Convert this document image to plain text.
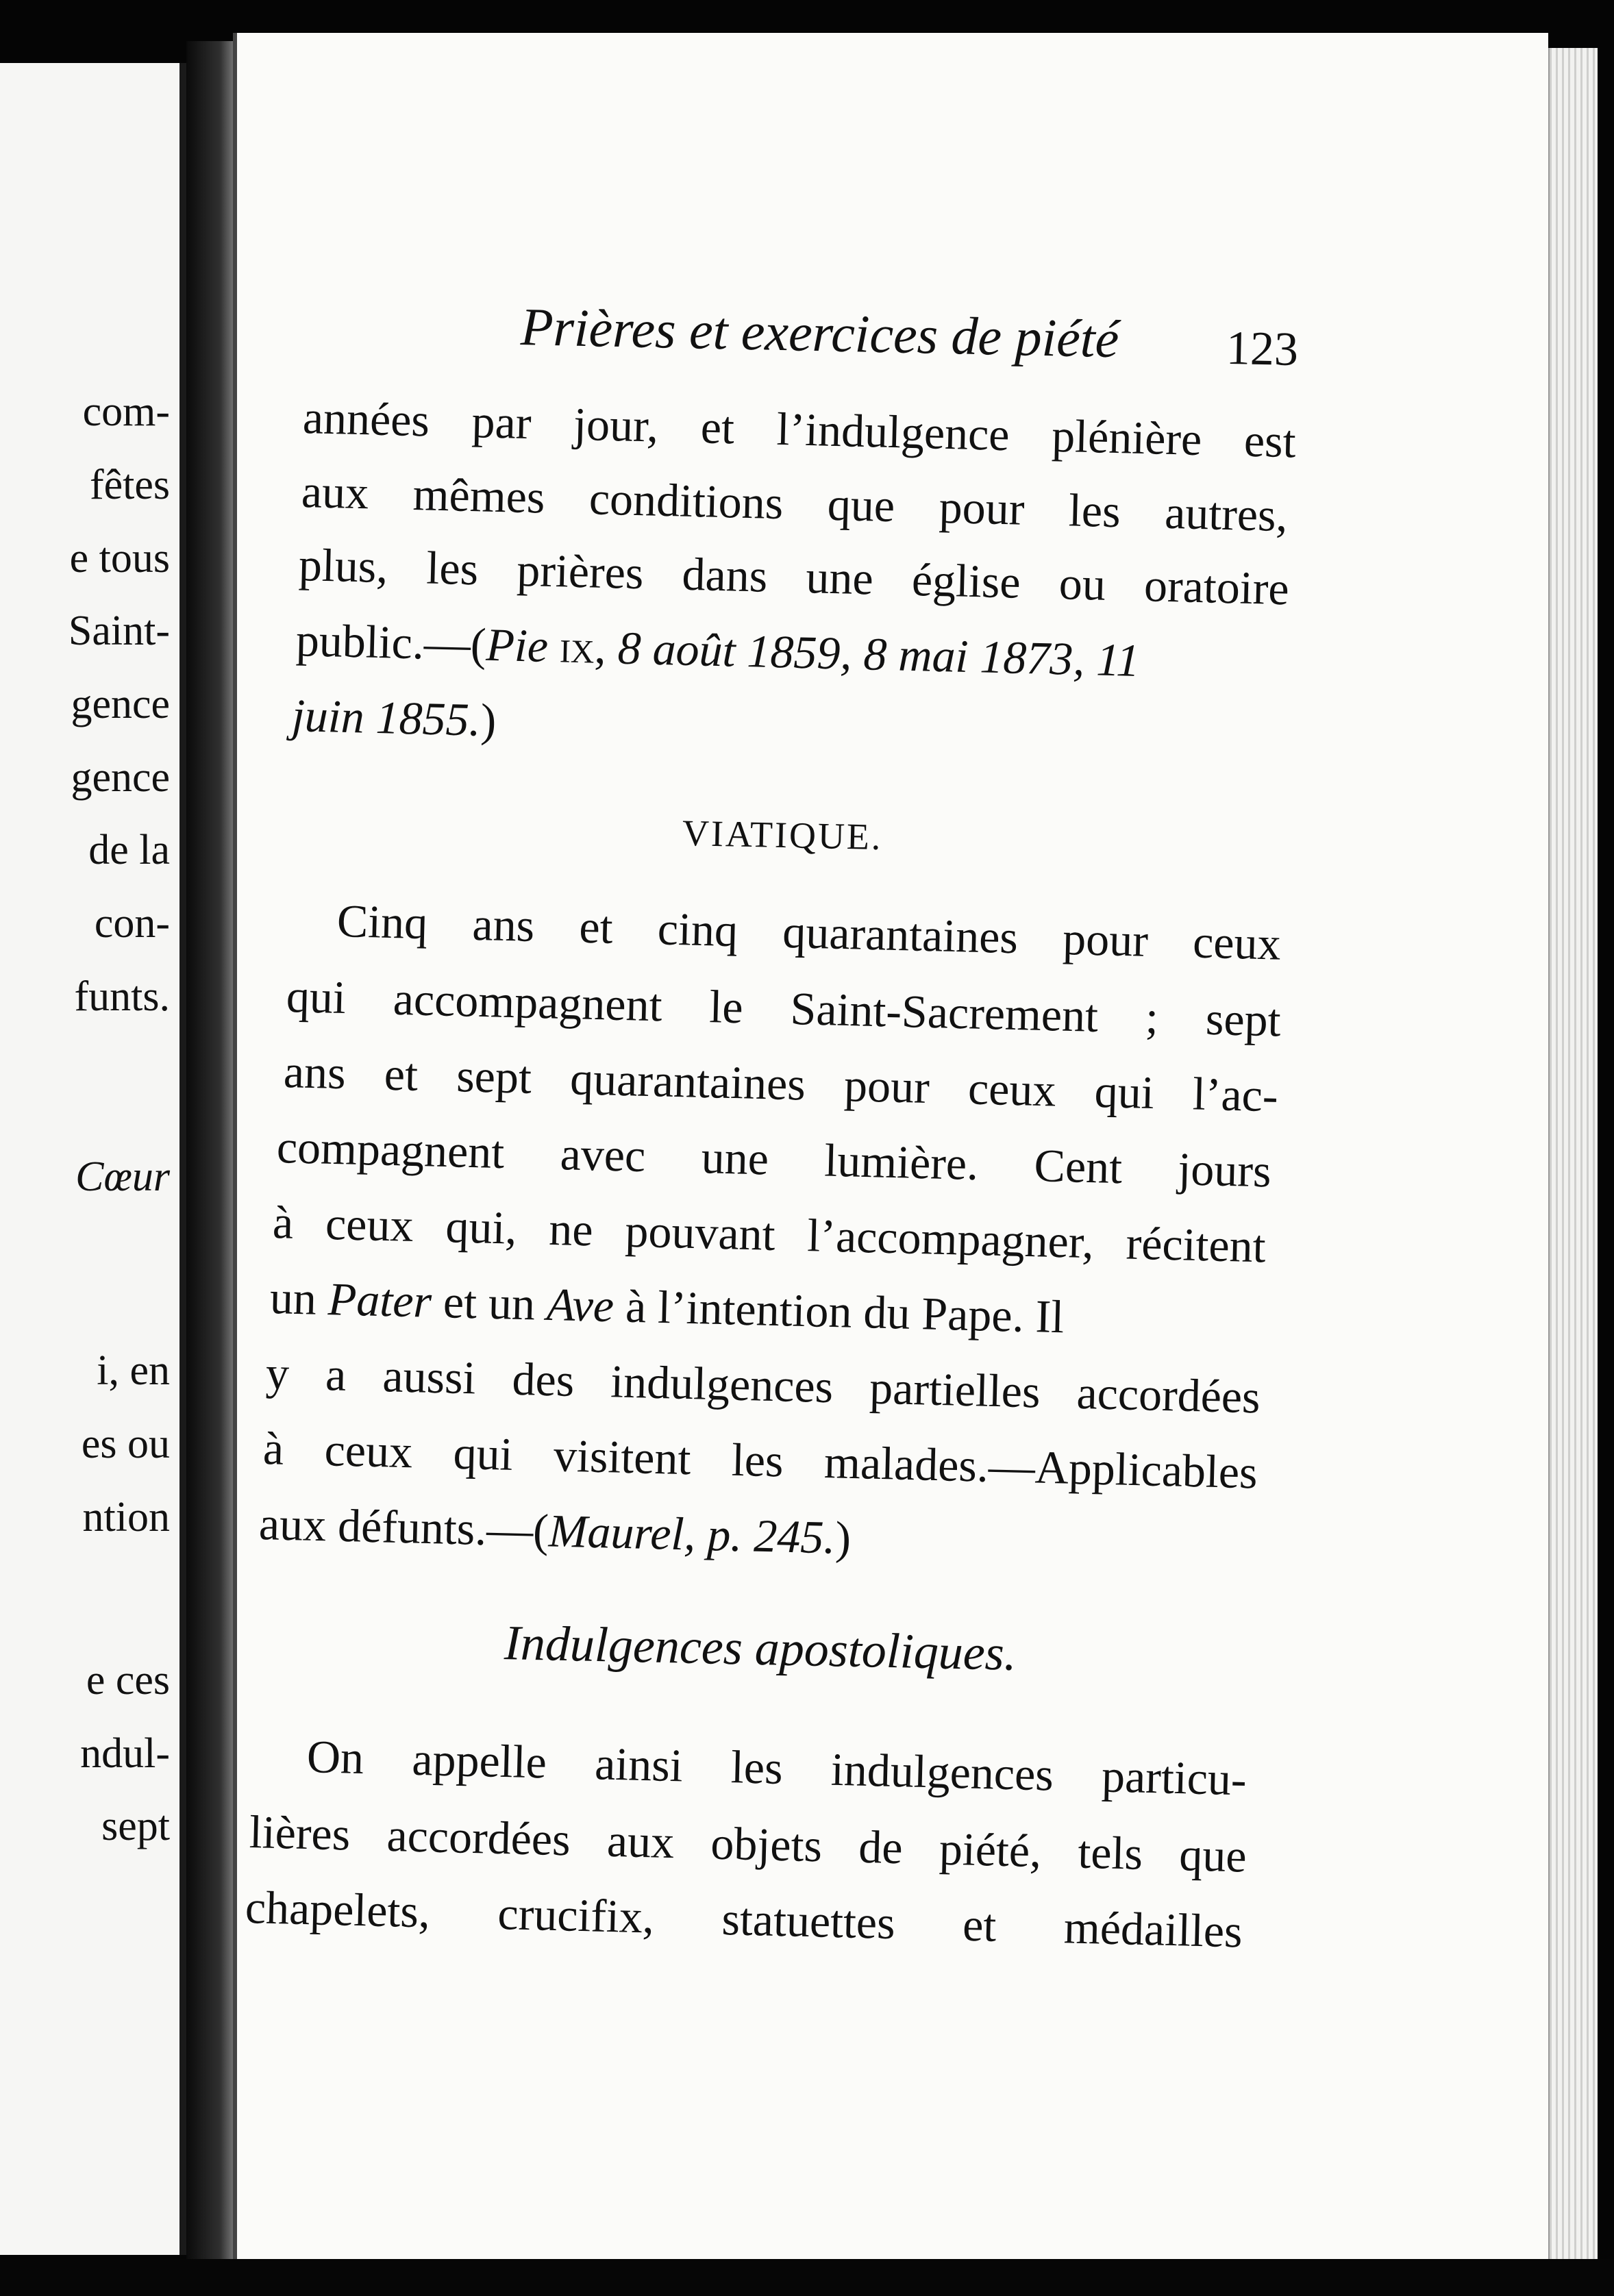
com-
fêtes
e tous
Saint-
gence
gence
de la
con-
funts.
Cœur
i, en
es ou
ntion
e ces
ndul-
sept
Prières et exercices de piété 123
années par jour, et l’indulgence plénière est
aux mêmes conditions que pour les autres,
plus, les prières dans une église ou oratoire
public.—(Pie ix, 8 août 1859, 8 mai 1873, 11
juin 1855.)
VIATIQUE.
Cinq ans et cinq quarantaines pour ceux
qui accompagnent le Saint-Sacrement ; sept
ans et sept quarantaines pour ceux qui l’ac-
compagnent avec une lumière. Cent jours
à ceux qui, ne pouvant l’accompagner, récitent
un Pater et un Ave à l’intention du Pape. Il
y a aussi des indulgences partielles accordées
à ceux qui visitent les malades.—Applicables
aux défunts.—(Maurel, p. 245.)
Indulgences apostoliques.
On appelle ainsi les indulgences particu-
lières accordées aux objets de piété, tels que
chapelets, crucifix, statuettes et médailles
